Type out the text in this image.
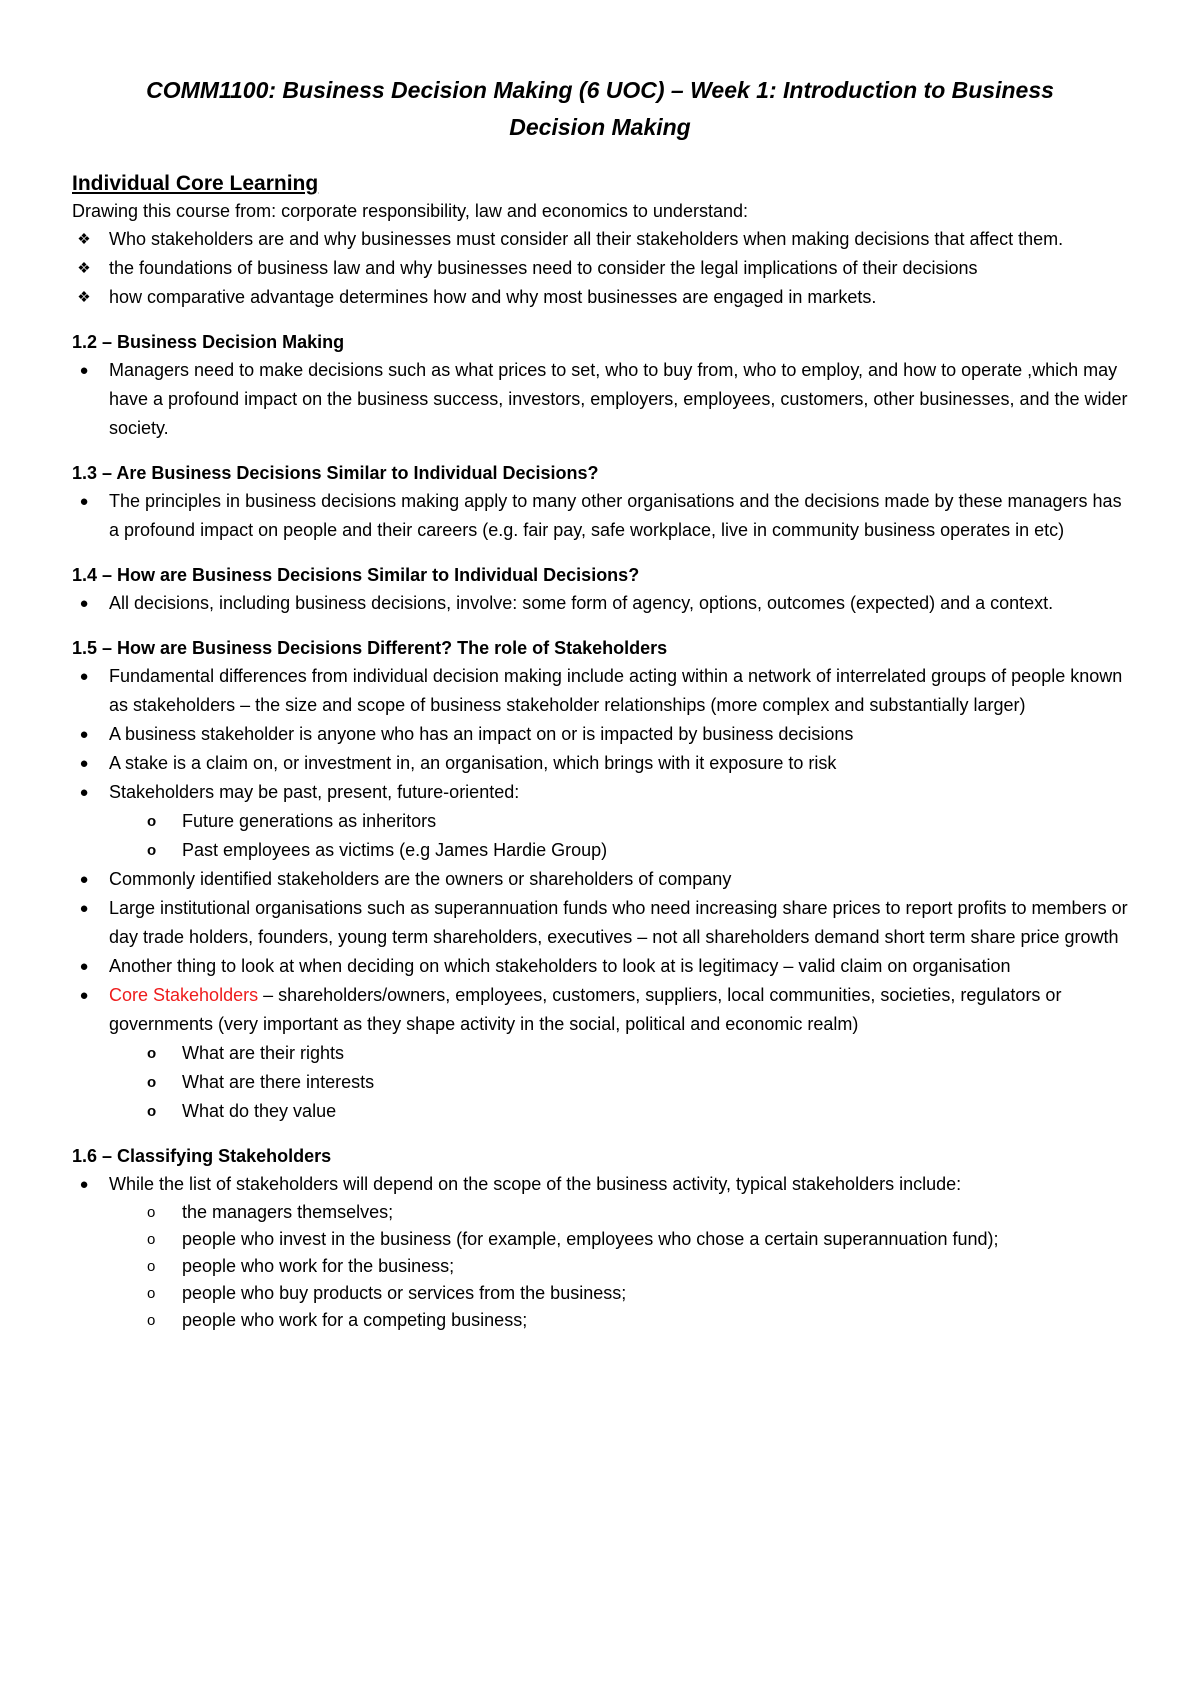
COMM1100: Business Decision Making (6 UOC) – Week 1: Introduction to Business Decision Making
Individual Core Learning
Drawing this course from: corporate responsibility, law and economics to understand:
❖ Who stakeholders are and why businesses must consider all their stakeholders when making decisions that affect them.
❖ the foundations of business law and why businesses need to consider the legal implications of their decisions
❖ how comparative advantage determines how and why most businesses are engaged in markets.
1.2 – Business Decision Making
●	Managers need to make decisions such as what prices to set, who to buy from, who to employ, and how to operate ,which may have a profound impact on the business success, investors, employers, employees, customers, other businesses, and the wider society.
1.3 – Are Business Decisions Similar to Individual Decisions?
●	The principles in business decisions making apply to many other organisations and the decisions made by these managers has a profound impact on people and their careers (e.g. fair pay, safe workplace, live in community business operates in etc)
1.4 – How are Business Decisions Similar to Individual Decisions?
●	All decisions, including business decisions, involve: some form of agency, options, outcomes (expected) and a context.
1.5 – How are Business Decisions Different? The role of Stakeholders
●	Fundamental differences from individual decision making include acting within a network of interrelated groups of people known as stakeholders – the size and scope of business stakeholder relationships (more complex and substantially larger)
●	A business stakeholder is anyone who has an impact on or is impacted by business decisions
●	A stake is a claim on, or investment in, an organisation, which brings with it exposure to risk
●	Stakeholders may be past, present, future-oriented:
o Future generations as inheritors
o Past employees as victims (e.g James Hardie Group)
●	Commonly identified stakeholders are the owners or shareholders of company
●	Large institutional organisations such as superannuation funds who need increasing share prices to report profits to members or day trade holders, founders, young term shareholders, executives – not all shareholders demand short term share price growth
●	Another thing to look at when deciding on which stakeholders to look at is legitimacy – valid claim on organisation
●	Core Stakeholders – shareholders/owners, employees, customers, suppliers, local communities, societies, regulators or governments (very important as they shape activity in the social, political and economic realm)
o What are their rights
o What are there interests
o What do they value
1.6 – Classifying Stakeholders
●	While the list of stakeholders will depend on the scope of the business activity, typical stakeholders include:
o the managers themselves;
o people who invest in the business (for example, employees who chose a certain superannuation fund);
o people who work for the business;
o people who buy products or services from the business;
o people who work for a competing business;
